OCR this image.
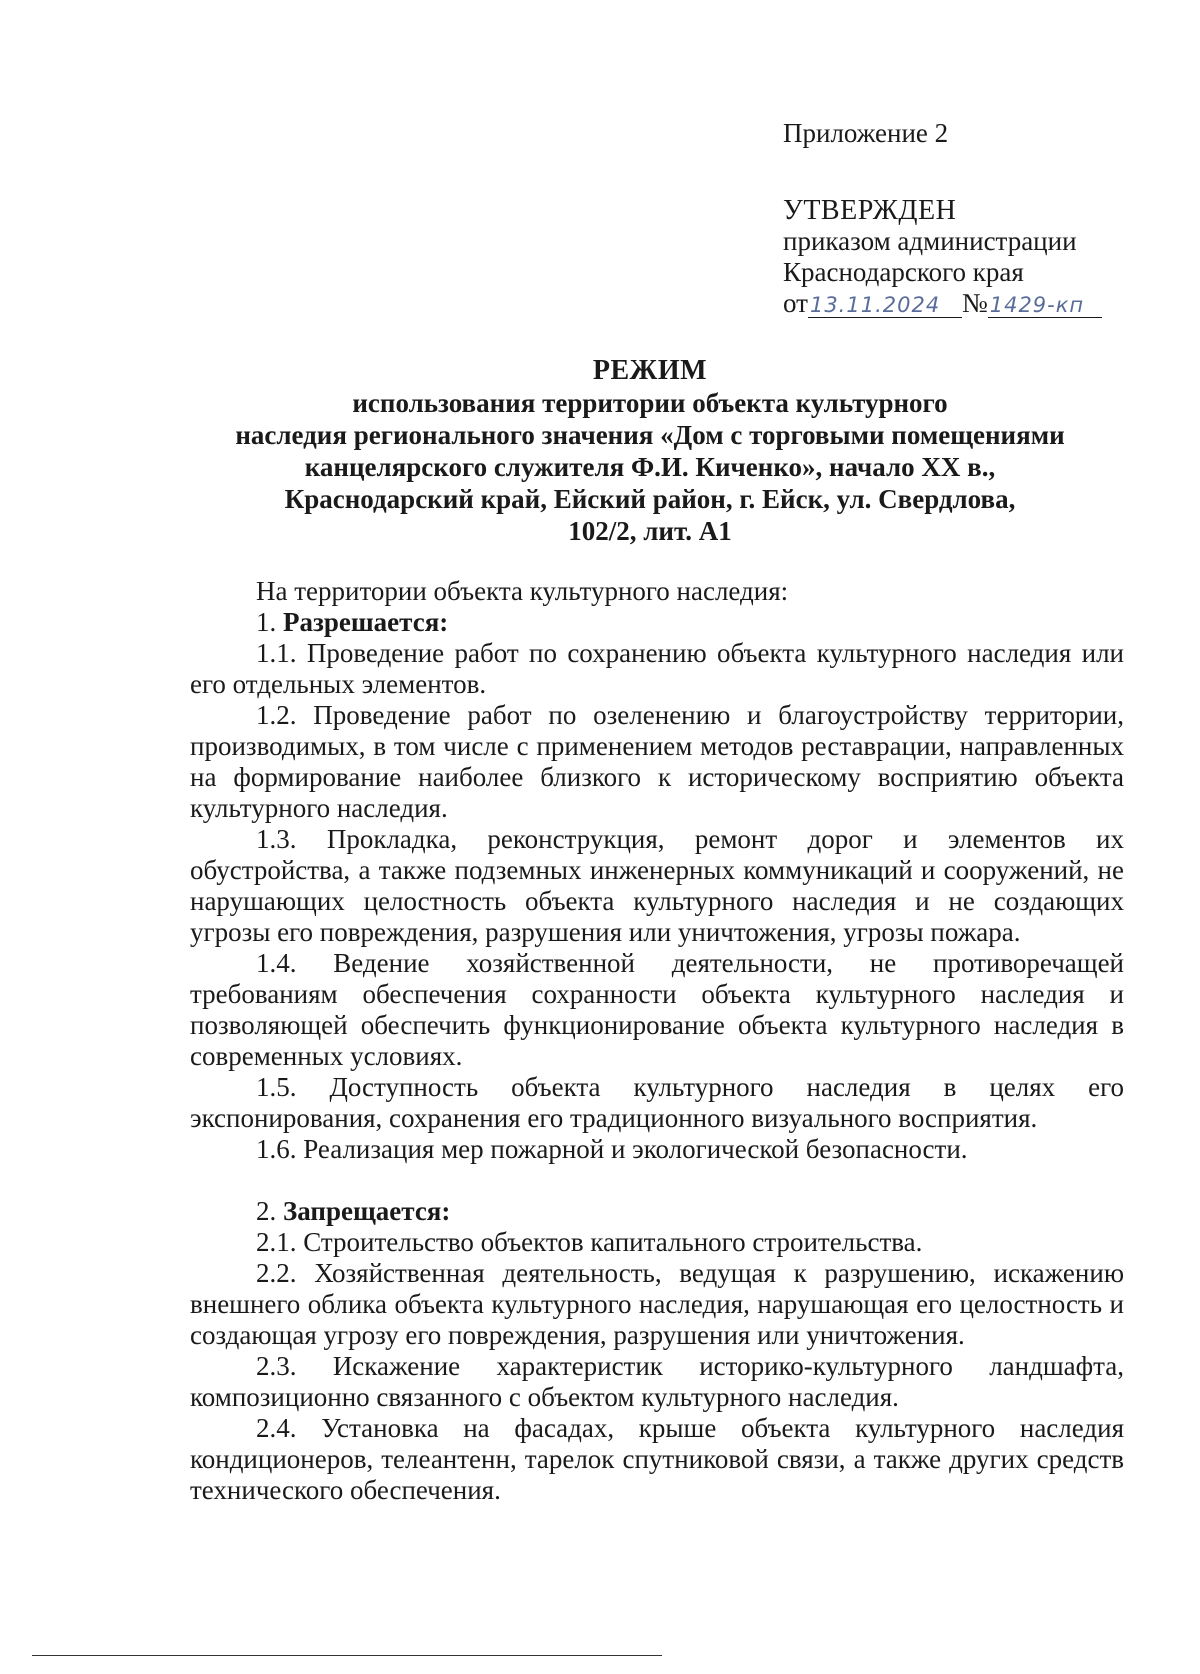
Приложение 2
УТВЕРЖДЕН
приказом администрации
Краснодарского края
от13.11.2024 №1429-кп
РЕЖИМ
использования территории объекта культурного
наследия регионального значения «Дом с торговыми помещениями
канцелярского служителя Ф.И. Киченко», начало XX в.,
Краснодарский край, Ейский район, г. Ейск, ул. Свердлова,
102/2, лит. А1

На территории объекта культурного наследия:

1. Разрешается:

1.1. Проведение работ по сохранению объекта культурного наследия или его отдельных элементов.

1.2. Проведение работ по озеленению и благоустройству территории, производимых, в том числе с применением методов реставрации, направленных на формирование наиболее близкого к историческому восприятию объекта культурного наследия.

1.3. Прокладка, реконструкция, ремонт дорог и элементов их обустройства, а также подземных инженерных коммуникаций и сооружений, не нарушающих целостность объекта культурного наследия и не создающих угрозы его повреждения, разрушения или уничтожения, угрозы пожара.

1.4. Ведение хозяйственной деятельности, не противоречащей требованиям обеспечения сохранности объекта культурного наследия и позволяющей обеспечить функционирование объекта культурного наследия в современных условиях.

1.5. Доступность объекта культурного наследия в целях его экспонирования, сохранения его традиционного визуального восприятия.

1.6. Реализация мер пожарной и экологической безопасности.

2. Запрещается:

2.1. Строительство объектов капитального строительства.

2.2. Хозяйственная деятельность, ведущая к разрушению, искажению внешнего облика объекта культурного наследия, нарушающая его целостность и создающая угрозу его повреждения, разрушения или уничтожения.

2.3. Искажение характеристик историко-культурного ландшафта, композиционно связанного с объектом культурного наследия.

2.4. Установка на фасадах, крыше объекта культурного наследия кондиционеров, телеантенн, тарелок спутниковой связи, а также других средств технического обеспечения.
